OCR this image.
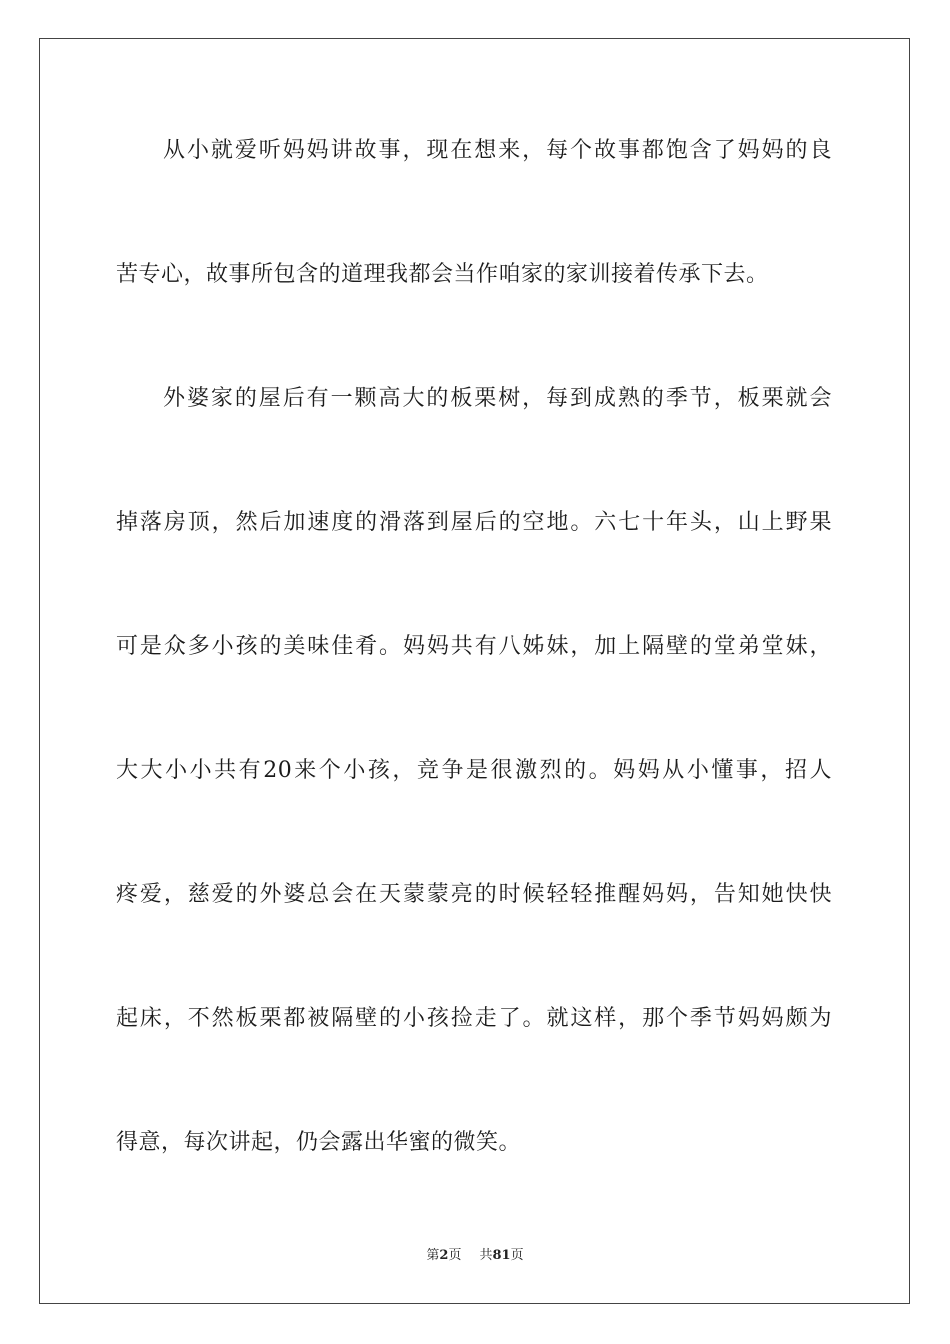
从小就爱听妈妈讲故事，现在想来，每个故事都饱含了妈妈的良
苦专心，故事所包含的道理我都会当作咱家的家训接着传承下去。
外婆家的屋后有一颗高大的板栗树，每到成熟的季节，板栗就会
掉落房顶，然后加速度的滑落到屋后的空地。六七十年头，山上野果
可是众多小孩的美味佳肴。妈妈共有八姊妹，加上隔壁的堂弟堂妹，
大大小小共有20来个小孩，竞争是很激烈的。妈妈从小懂事，招人
疼爱，慈爱的外婆总会在天蒙蒙亮的时候轻轻推醒妈妈，告知她快快
起床，不然板栗都被隔壁的小孩捡走了。就这样，那个季节妈妈颇为
得意，每次讲起，仍会露出华蜜的微笑。
第2页 共81页
